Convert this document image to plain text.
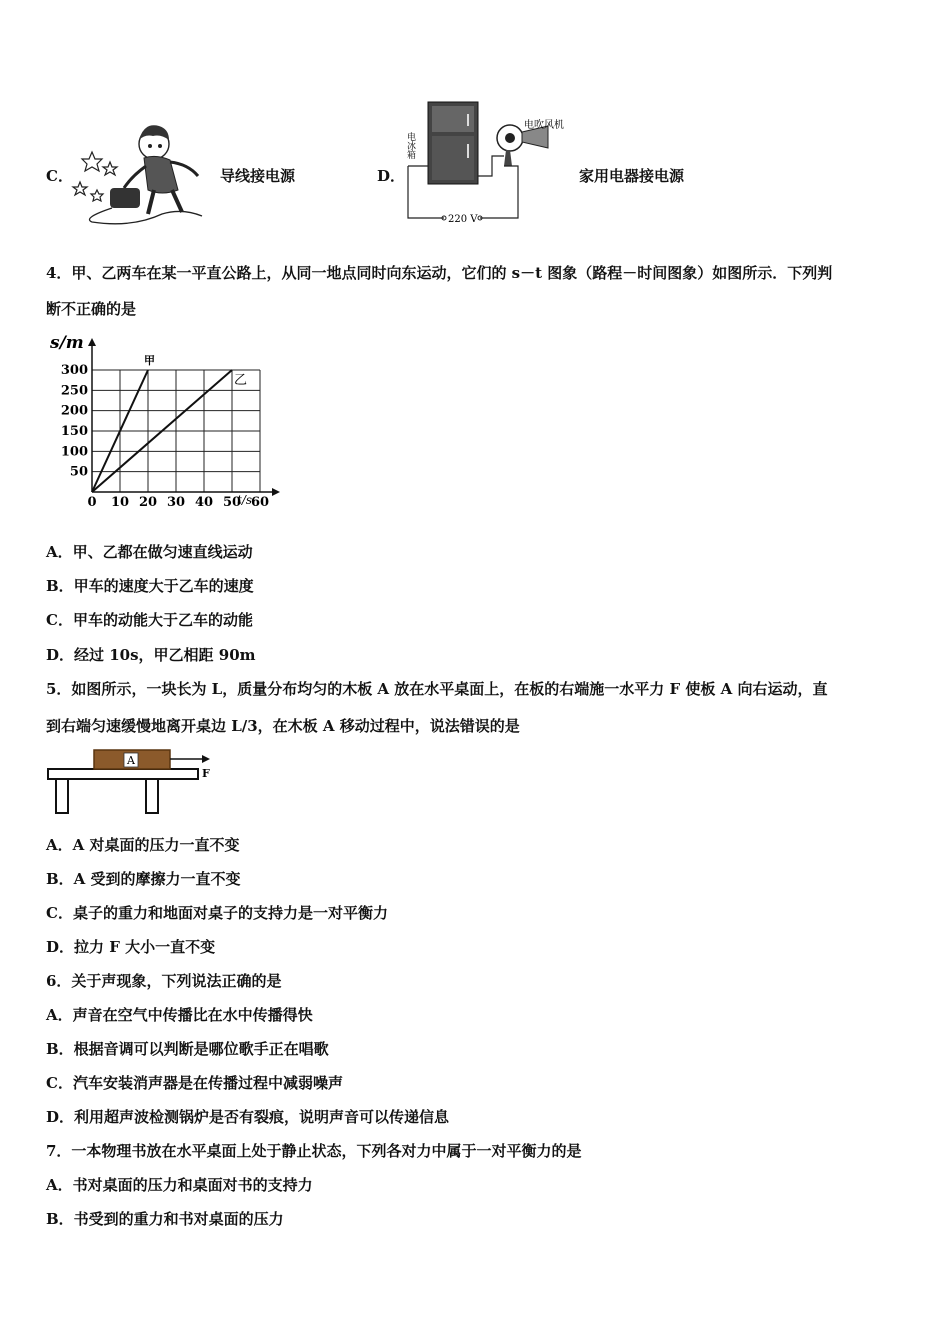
C．	导线接电源	D．
电冰箱
电吹风机
220 V
家用电器接电源
4．甲、乙两车在某一平直公路上，从同一地点同时向东运动，它们的 s－t 图象（路程－时间图象）如图所示．下列判
断不正确的是
0 10 20 30 40 50 60
50
100
150
200
250
300
甲
乙
s/m
t/s
A．甲、乙都在做匀速直线运动
B．甲车的速度大于乙车的速度
C．甲车的动能大于乙车的动能
D．经过 10s，甲乙相距 90m
5．如图所示，一块长为 L，质量分布均匀的木板 A 放在水平桌面上，在板的右端施一水平力 F 使板 A 向右运动，直
到右端匀速缓慢地离开桌边 L/3，在木板 A 移动过程中，说法错误的是
A
F
A．A 对桌面的压力一直不变
B．A 受到的摩擦力一直不变
C．桌子的重力和地面对桌子的支持力是一对平衡力
D．拉力 F 大小一直不变
6．关于声现象，下列说法正确的是
A．声音在空气中传播比在水中传播得快
B．根据音调可以判断是哪位歌手正在唱歌
C．汽车安装消声器是在传播过程中减弱噪声
D．利用超声波检测锅炉是否有裂痕，说明声音可以传递信息
7．一本物理书放在水平桌面上处于静止状态，下列各对力中属于一对平衡力的是
A．书对桌面的压力和桌面对书的支持力
B．书受到的重力和书对桌面的压力
